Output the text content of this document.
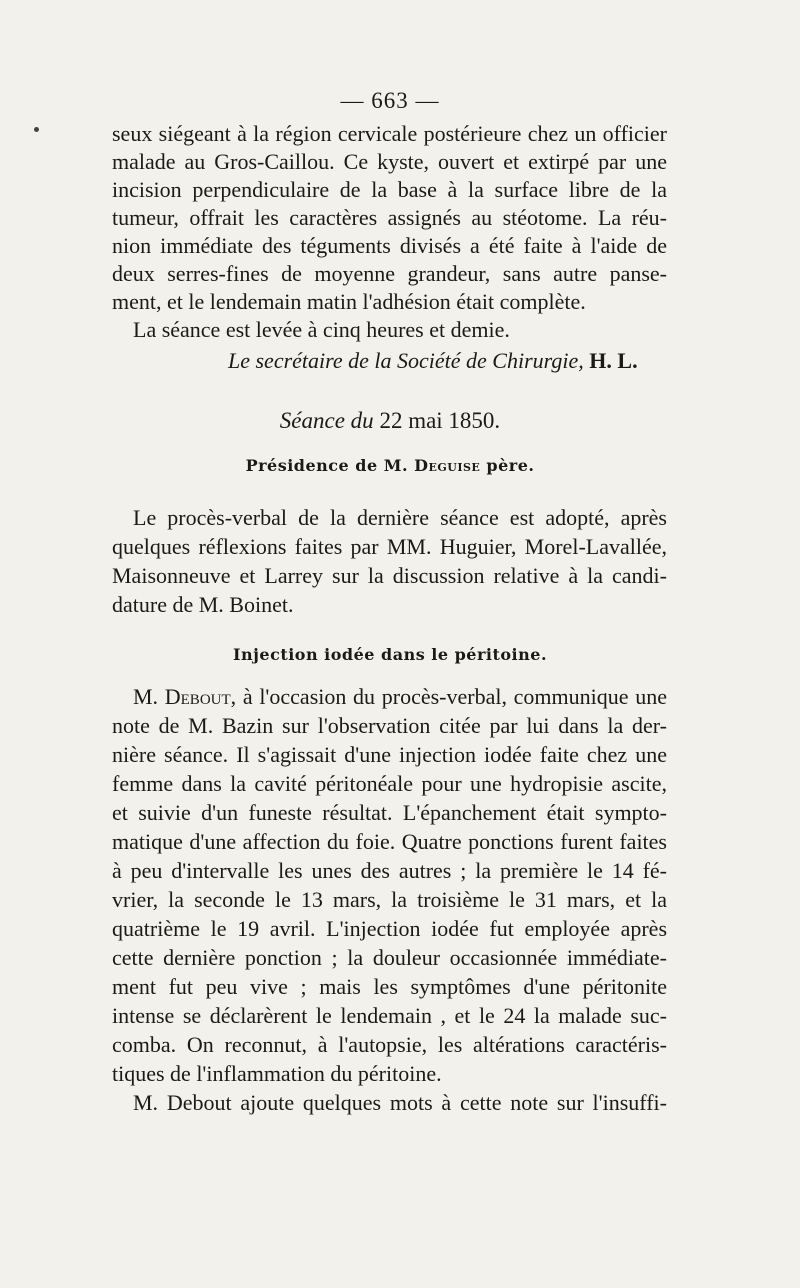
— 663 —
seux siégeant à la région cervicale postérieure chez un officier
malade au Gros-Caillou. Ce kyste, ouvert et extirpé par une
incision perpendiculaire de la base à la surface libre de la
tumeur, offrait les caractères assignés au stéotome. La réu-
nion immédiate des téguments divisés a été faite à l'aide de
deux serres-fines de moyenne grandeur, sans autre panse-
ment, et le lendemain matin l'adhésion était complète.
La séance est levée à cinq heures et demie.
Le secrétaire de la Société de Chirurgie, H. L.
Séance du 22 mai 1850.
Présidence de M. Deguise père.
Le procès-verbal de la dernière séance est adopté, après
quelques réflexions faites par MM. Huguier, Morel-Lavallée,
Maisonneuve et Larrey sur la discussion relative à la candi-
dature de M. Boinet.
Injection iodée dans le péritoine.
M. Debout, à l'occasion du procès-verbal, communique une
note de M. Bazin sur l'observation citée par lui dans la der-
nière séance. Il s'agissait d'une injection iodée faite chez une
femme dans la cavité péritonéale pour une hydropisie ascite,
et suivie d'un funeste résultat. L'épanchement était sympto-
matique d'une affection du foie. Quatre ponctions furent faites
à peu d'intervalle les unes des autres ; la première le 14 fé-
vrier, la seconde le 13 mars, la troisième le 31 mars, et la
quatrième le 19 avril. L'injection iodée fut employée après
cette dernière ponction ; la douleur occasionnée immédiate-
ment fut peu vive ; mais les symptômes d'une péritonite
intense se déclarèrent le lendemain , et le 24 la malade suc-
comba. On reconnut, à l'autopsie, les altérations caractéris-
tiques de l'inflammation du péritoine.
M. Debout ajoute quelques mots à cette note sur l'insuffi-
